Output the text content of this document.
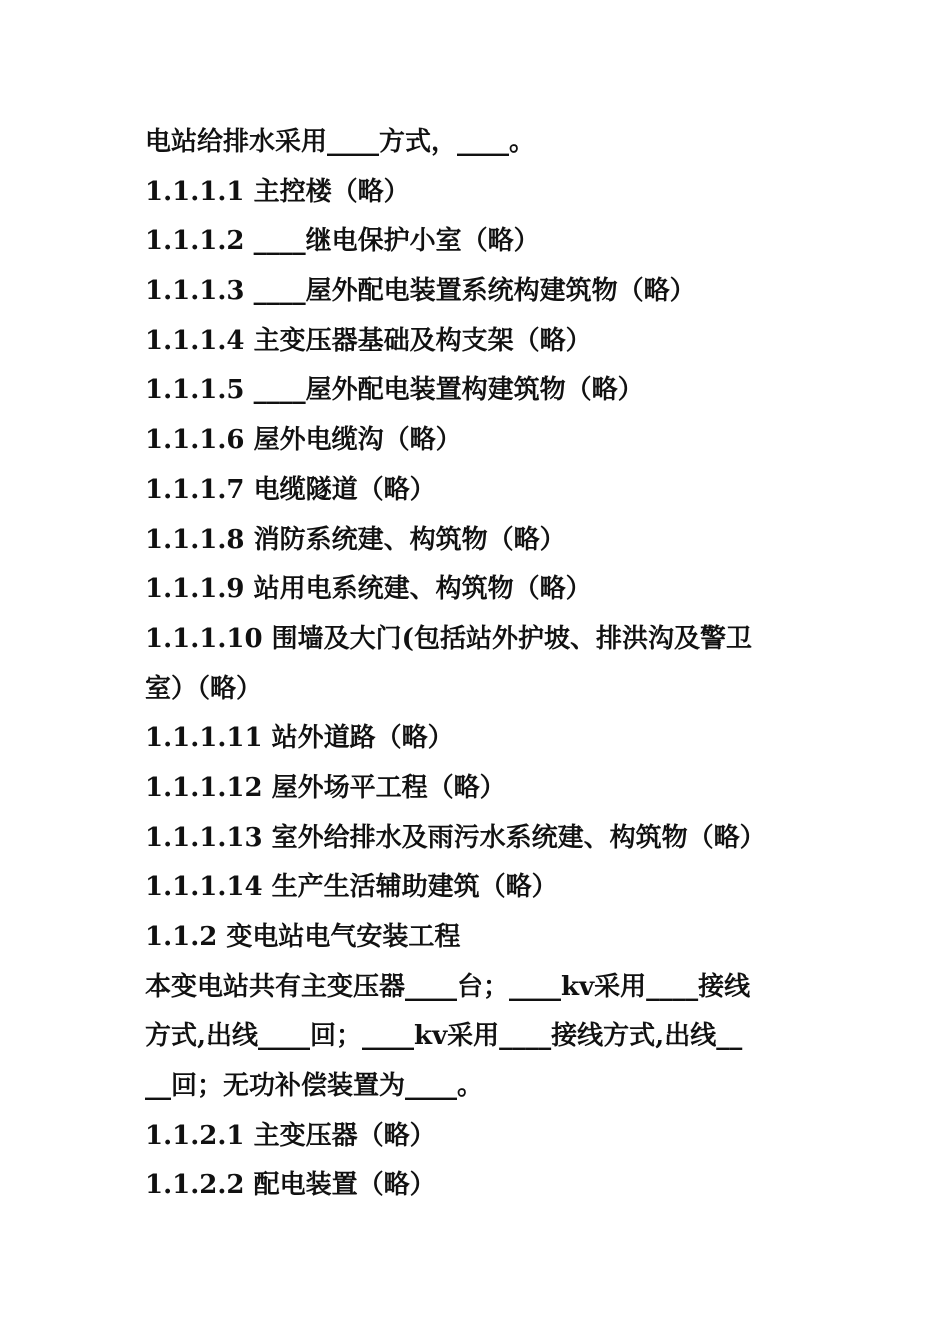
电站给排水采用____方式，____。
1.1.1.1 主控楼（略）
1.1.1.2 ____继电保护小室（略）
1.1.1.3 ____屋外配电装置系统构建筑物（略）
1.1.1.4 主变压器基础及构支架（略）
1.1.1.5 ____屋外配电装置构建筑物（略）
1.1.1.6 屋外电缆沟（略）
1.1.1.7 电缆隧道（略）
1.1.1.8 消防系统建、构筑物（略）
1.1.1.9 站用电系统建、构筑物（略）
1.1.1.10 围墙及大门(包括站外护坡、排洪沟及警卫
室）（略）
1.1.1.11 站外道路（略）
1.1.1.12 屋外场平工程（略）
1.1.1.13 室外给排水及雨污水系统建、构筑物（略）
1.1.1.14 生产生活辅助建筑（略）
1.1.2 变电站电气安装工程
本变电站共有主变压器____台；____kv采用____接线
方式,出线____回；____kv采用____接线方式,出线__
__回；无功补偿装置为____。
1.1.2.1 主变压器（略）
1.1.2.2 配电装置（略）
